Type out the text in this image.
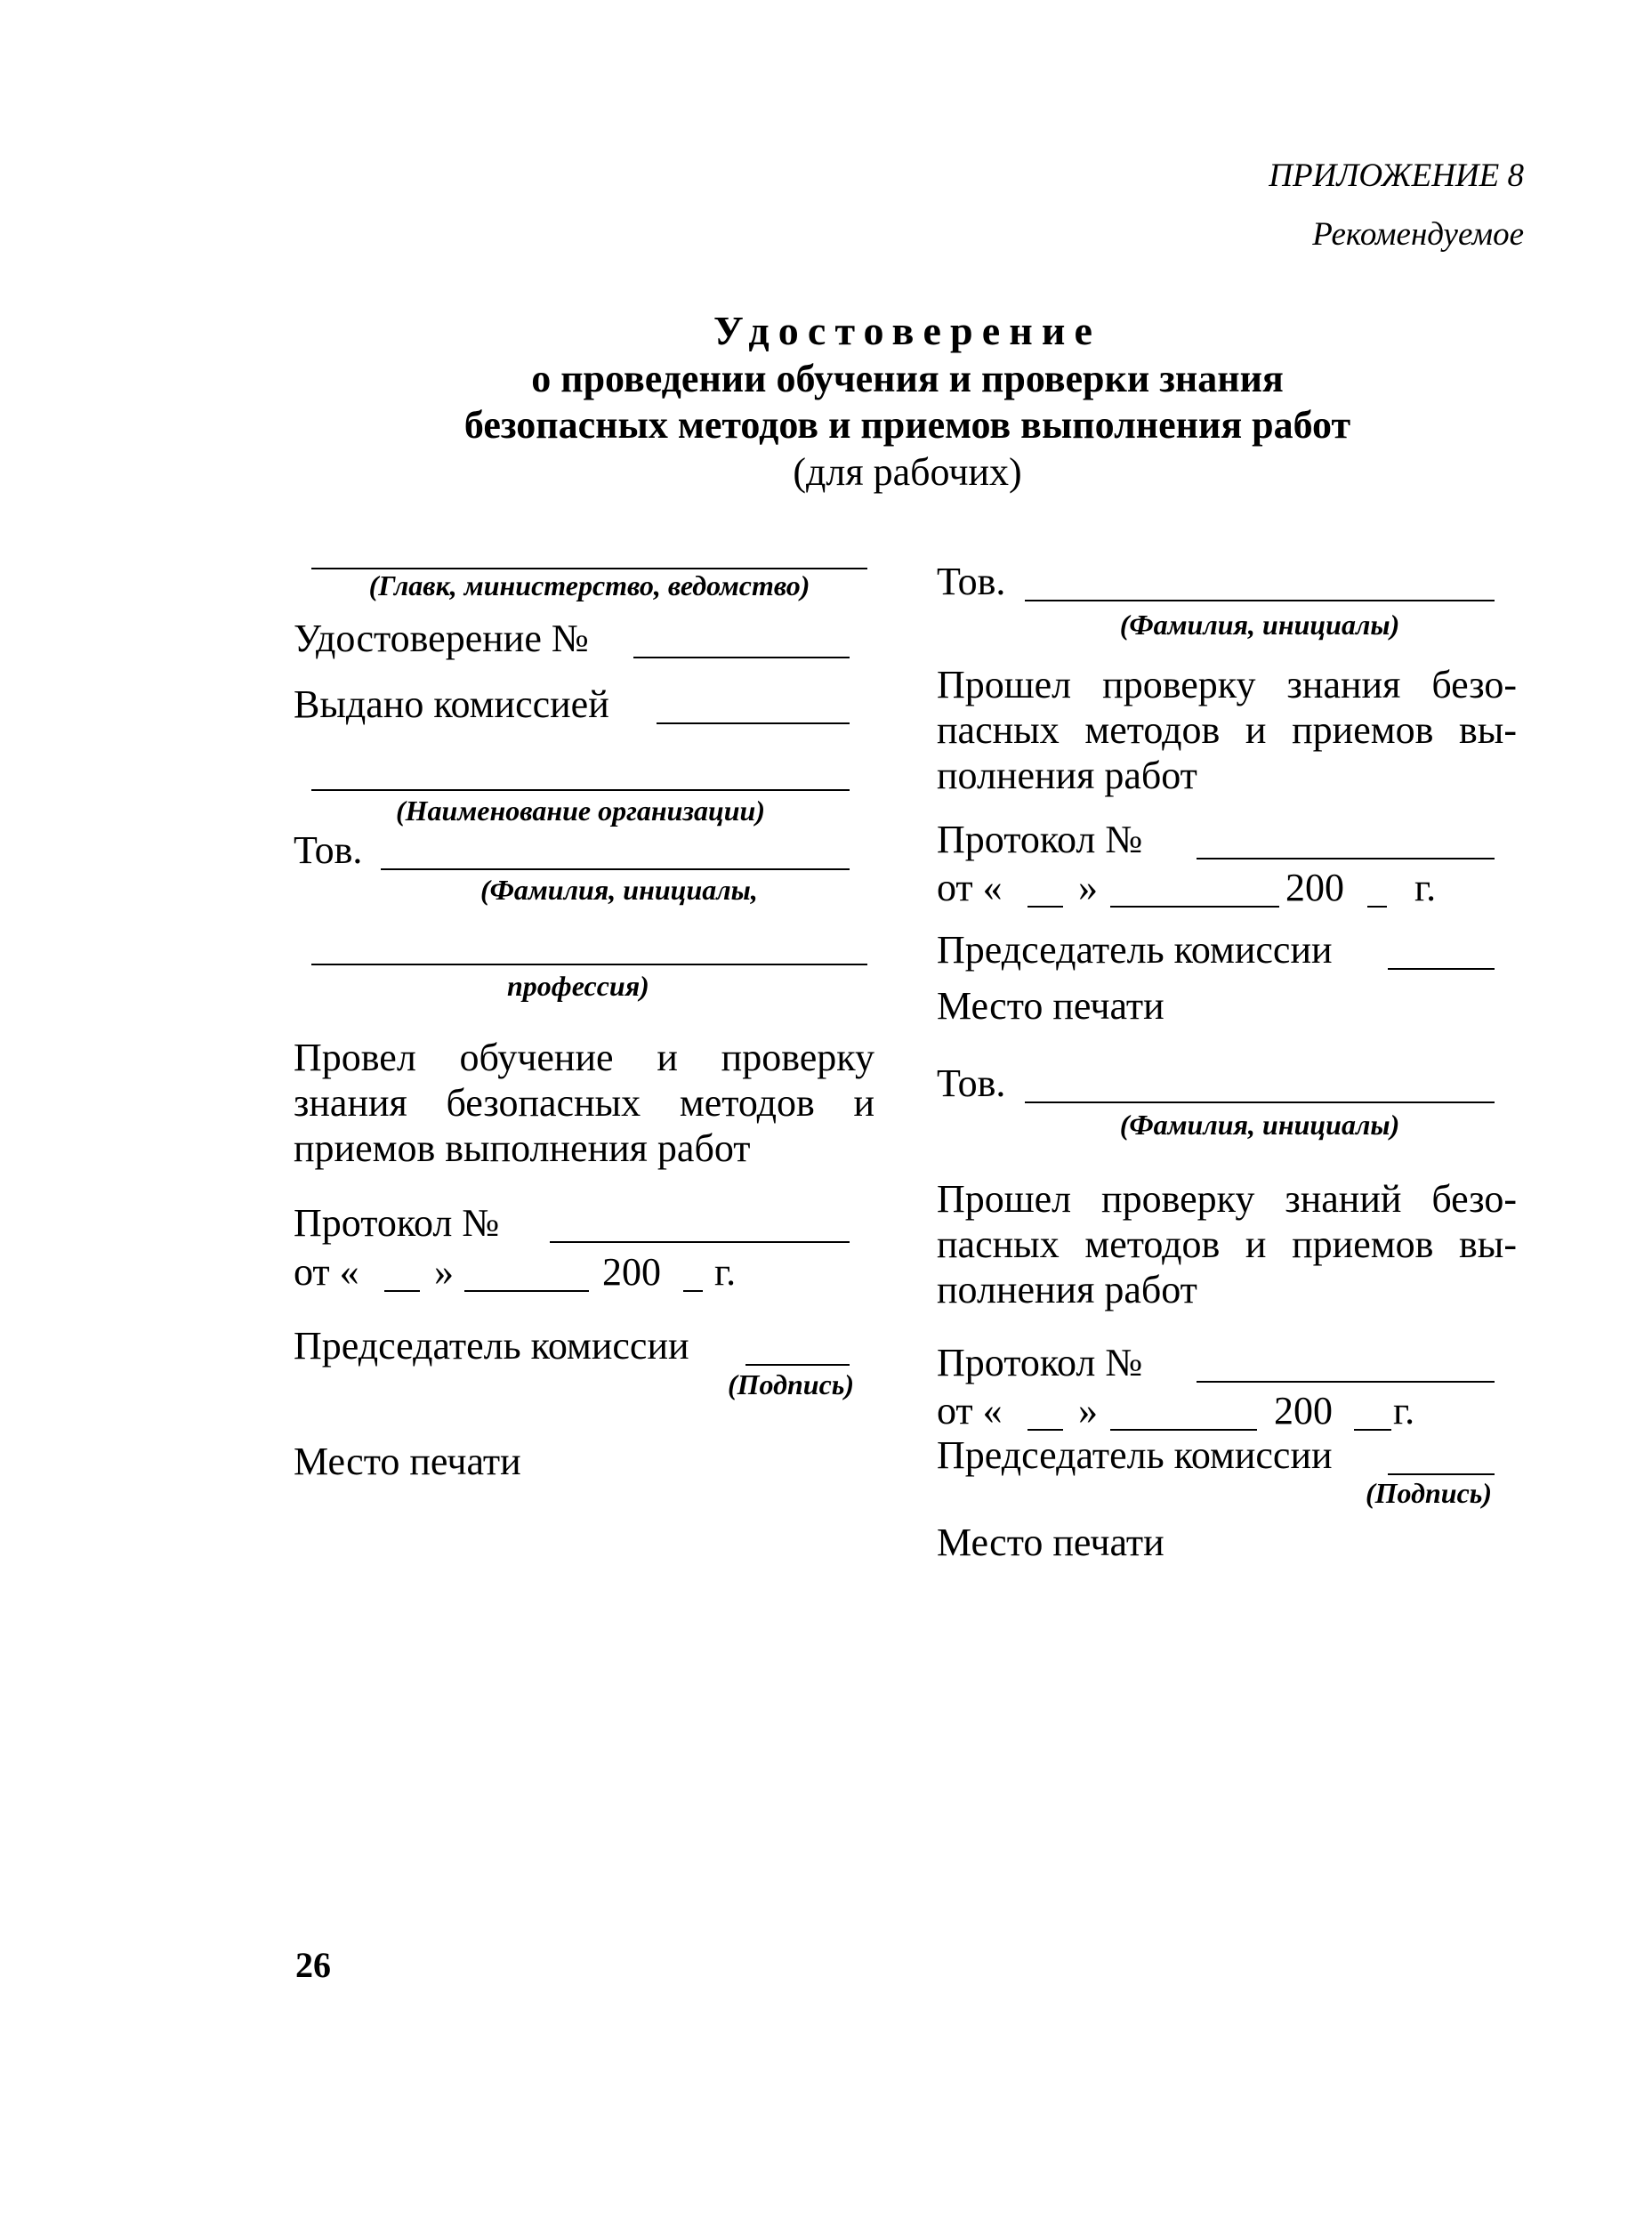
ПРИЛОЖЕНИЕ 8
Рекомендуемое
Удостоверение
о проведении обучения и проверки знания
безопасных методов и приемов выполнения работ
(для рабочих)
(Главк, министерство, ведомство)
Удостоверение №
Выдано комиссией
(Наименование организации)
Тов.
(Фамилия, инициалы,
профессия)
Провел обучение и проверку
знания безопасных методов и
приемов выполнения работ
Протокол №
от « »	200 г.
Председатель комиссии
(Подпись)
Место печати
Тов.
(Фамилия, инициалы)
Прошел проверку знания безо-
пасных методов и приемов вы-
полнения работ
Протокол №
от « »	200 г.
Председатель комиссии
Место печати
Тов.
(Фамилия, инициалы)
Прошел проверку знаний безо-
пасных методов и приемов вы-
полнения работ
Протокол №
от « »	200 г.
Председатель комиссии
(Подпись)
Место печати
26
